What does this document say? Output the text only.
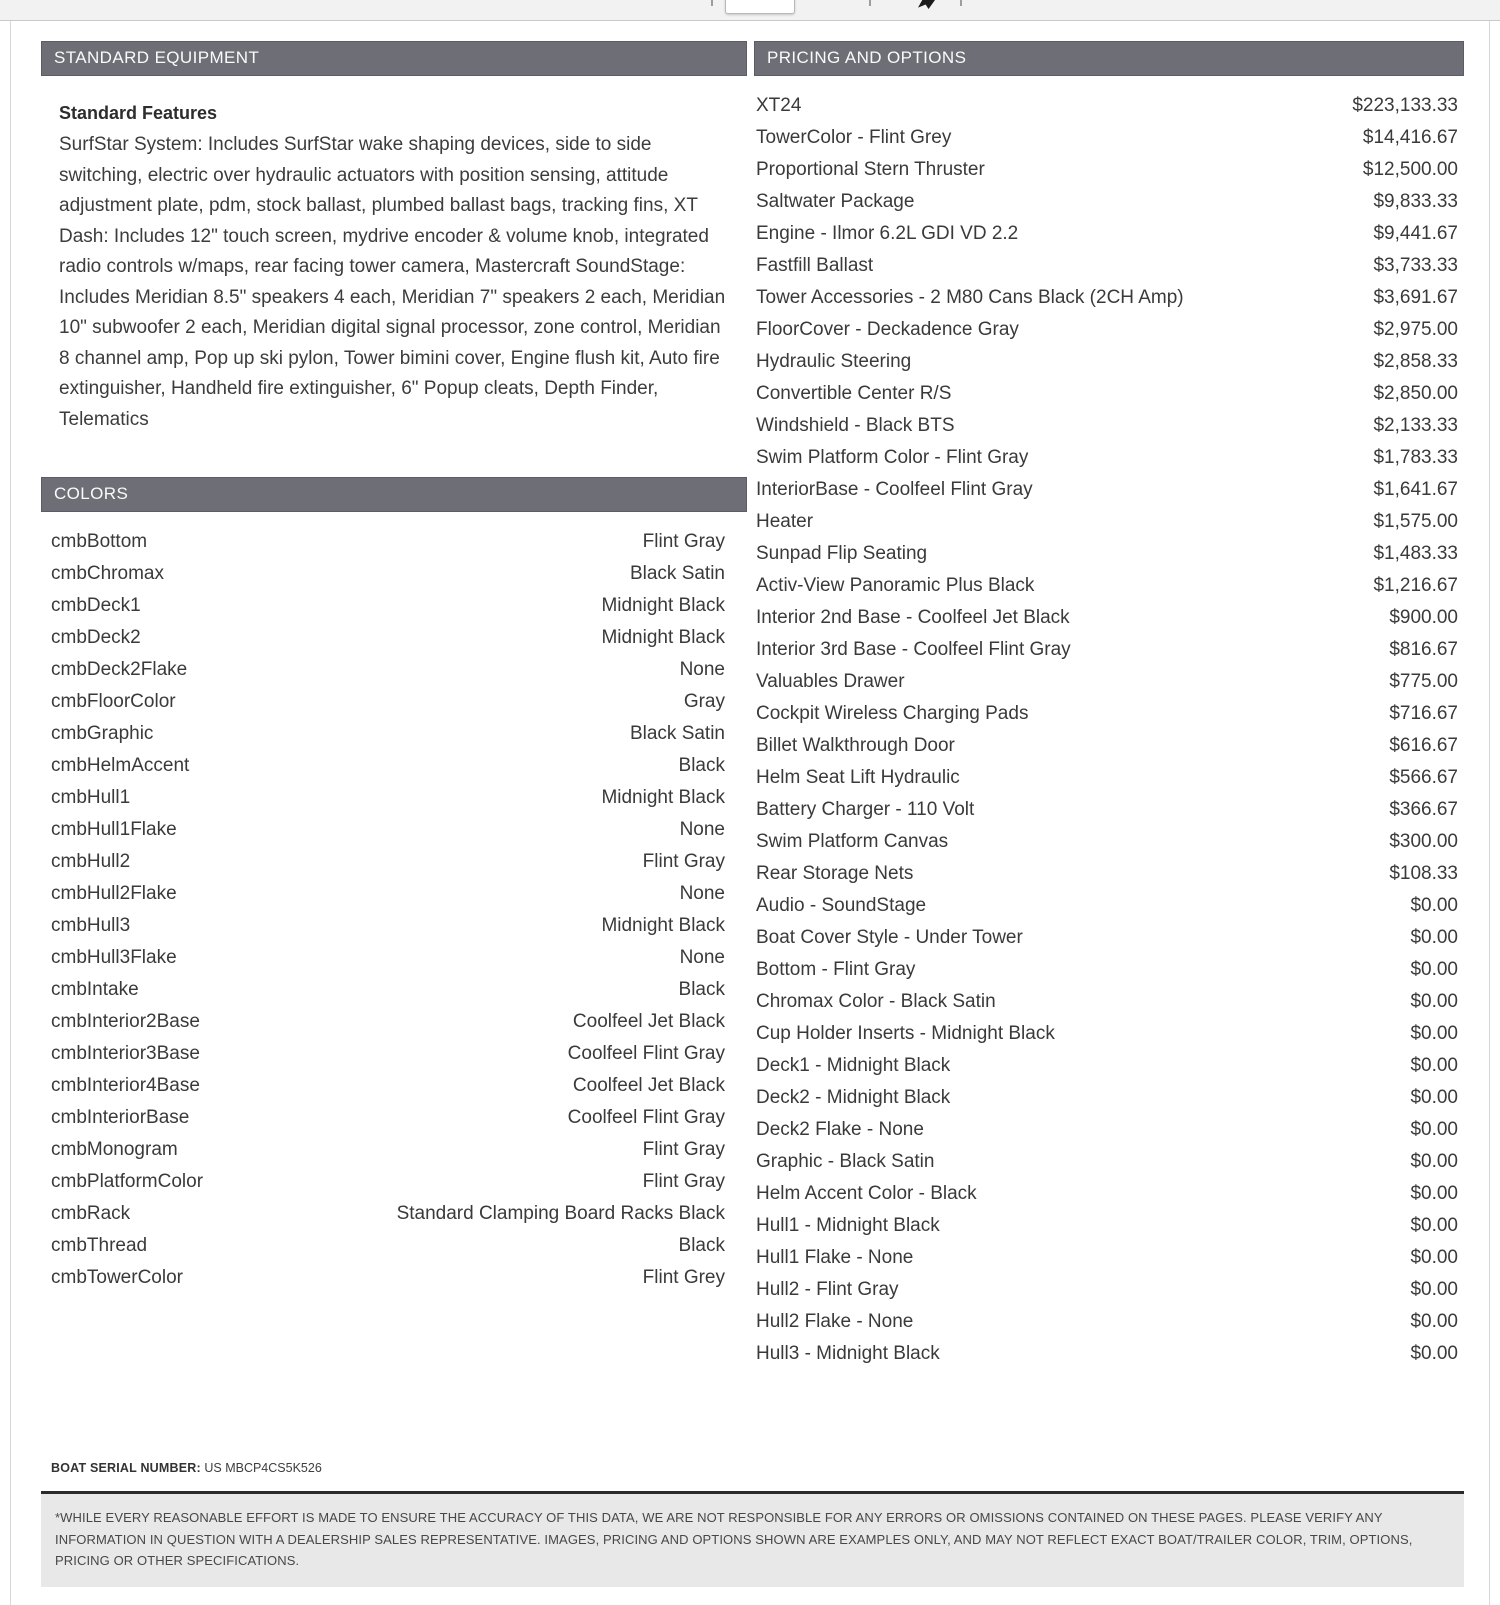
STANDARD EQUIPMENT
Standard Features
SurfStar System: Includes SurfStar wake shaping devices, side to side switching, electric over hydraulic actuators with position sensing, attitude adjustment plate, pdm, stock ballast, plumbed ballast bags, tracking fins, XT Dash: Includes 12" touch screen, mydrive encoder & volume knob, integrated radio controls w/maps, rear facing tower camera, Mastercraft SoundStage: Includes Meridian 8.5" speakers 4 each, Meridian 7" speakers 2 each, Meridian 10" subwoofer 2 each, Meridian digital signal processor, zone control, Meridian 8 channel amp, Pop up ski pylon, Tower bimini cover, Engine flush kit, Auto fire extinguisher, Handheld fire extinguisher, 6" Popup cleats, Depth Finder, Telematics
COLORS
cmbBottom	Flint Gray
cmbChromax	Black Satin
cmbDeck1	Midnight Black
cmbDeck2	Midnight Black
cmbDeck2Flake	None
cmbFloorColor	Gray
cmbGraphic	Black Satin
cmbHelmAccent	Black
cmbHull1	Midnight Black
cmbHull1Flake	None
cmbHull2	Flint Gray
cmbHull2Flake	None
cmbHull3	Midnight Black
cmbHull3Flake	None
cmbIntake	Black
cmbInterior2Base	Coolfeel Jet Black
cmbInterior3Base	Coolfeel Flint Gray
cmbInterior4Base	Coolfeel Jet Black
cmbInteriorBase	Coolfeel Flint Gray
cmbMonogram	Flint Gray
cmbPlatformColor	Flint Gray
cmbRack	Standard Clamping Board Racks Black
cmbThread	Black
cmbTowerColor	Flint Grey
PRICING AND OPTIONS
XT24	$223,133.33
TowerColor - Flint Grey	$14,416.67
Proportional Stern Thruster	$12,500.00
Saltwater Package	$9,833.33
Engine - Ilmor 6.2L GDI VD 2.2	$9,441.67
Fastfill Ballast	$3,733.33
Tower Accessories - 2 M80 Cans Black (2CH Amp)	$3,691.67
FloorCover - Deckadence Gray	$2,975.00
Hydraulic Steering	$2,858.33
Convertible Center R/S	$2,850.00
Windshield - Black BTS	$2,133.33
Swim Platform Color - Flint Gray	$1,783.33
InteriorBase - Coolfeel Flint Gray	$1,641.67
Heater	$1,575.00
Sunpad Flip Seating	$1,483.33
Activ-View Panoramic Plus Black	$1,216.67
Interior 2nd Base - Coolfeel Jet Black	$900.00
Interior 3rd Base - Coolfeel Flint Gray	$816.67
Valuables Drawer	$775.00
Cockpit Wireless Charging Pads	$716.67
Billet Walkthrough Door	$616.67
Helm Seat Lift Hydraulic	$566.67
Battery Charger - 110 Volt	$366.67
Swim Platform Canvas	$300.00
Rear Storage Nets	$108.33
Audio - SoundStage	$0.00
Boat Cover Style - Under Tower	$0.00
Bottom - Flint Gray	$0.00
Chromax Color - Black Satin	$0.00
Cup Holder Inserts - Midnight Black	$0.00
Deck1 - Midnight Black	$0.00
Deck2 - Midnight Black	$0.00
Deck2 Flake - None	$0.00
Graphic - Black Satin	$0.00
Helm Accent Color - Black	$0.00
Hull1 - Midnight Black	$0.00
Hull1 Flake - None	$0.00
Hull2 - Flint Gray	$0.00
Hull2 Flake - None	$0.00
Hull3 - Midnight Black	$0.00
BOAT SERIAL NUMBER: US MBCP4CS5K526
*WHILE EVERY REASONABLE EFFORT IS MADE TO ENSURE THE ACCURACY OF THIS DATA, WE ARE NOT RESPONSIBLE FOR ANY ERRORS OR OMISSIONS CONTAINED ON THESE PAGES. PLEASE VERIFY ANY INFORMATION IN QUESTION WITH A DEALERSHIP SALES REPRESENTATIVE. IMAGES, PRICING AND OPTIONS SHOWN ARE EXAMPLES ONLY, AND MAY NOT REFLECT EXACT BOAT/TRAILER COLOR, TRIM, OPTIONS, PRICING OR OTHER SPECIFICATIONS.
